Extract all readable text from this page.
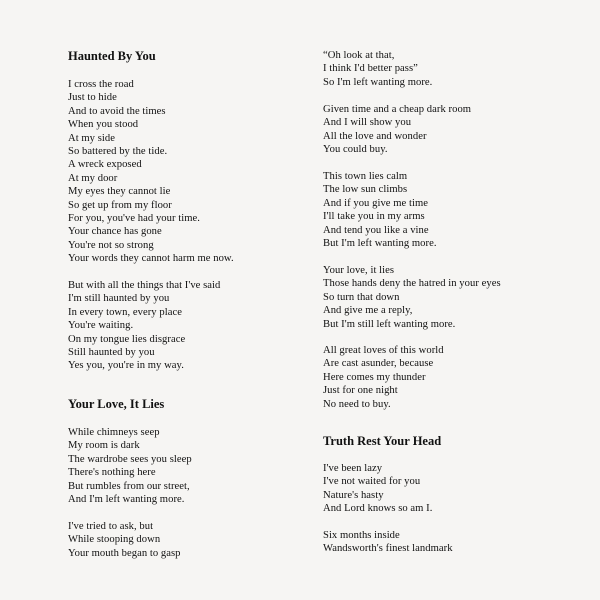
Haunted By You
I cross the road
Just to hide
And to avoid the times
When you stood
At my side
So battered by the tide.
A wreck exposed
At my door
My eyes they cannot lie
So get up from my floor
For you, you've had your time.
Your chance has gone
You're not so strong
Your words they cannot harm me now.
But with all the things that I've said
I'm still haunted by you
In every town, every place
You're waiting.
On my tongue lies disgrace
Still haunted by you
Yes you, you're in my way.
Your Love, It Lies
While chimneys seep
My room is dark
The wardrobe sees you sleep
There's nothing here
But rumbles from our street,
And I'm left wanting more.
I've tried to ask, but
While stooping down
Your mouth began to gasp
“Oh look at that,
I think I'd better pass”
So I'm left wanting more.
Given time and a cheap dark room
And I will show you
All the love and wonder
You could buy.
This town lies calm
The low sun climbs
And if you give me time
I'll take you in my arms
And tend you like a vine
But I'm left wanting more.
Your love, it lies
Those hands deny the hatred in your eyes
So turn that down
And give me a reply,
But I'm still left wanting more.
All great loves of this world
Are cast asunder, because
Here comes my thunder
Just for one night
No need to buy.
Truth Rest Your Head
I've been lazy
I've not waited for you
Nature's hasty
And Lord knows so am I.
Six months inside
Wandsworth's finest landmark
